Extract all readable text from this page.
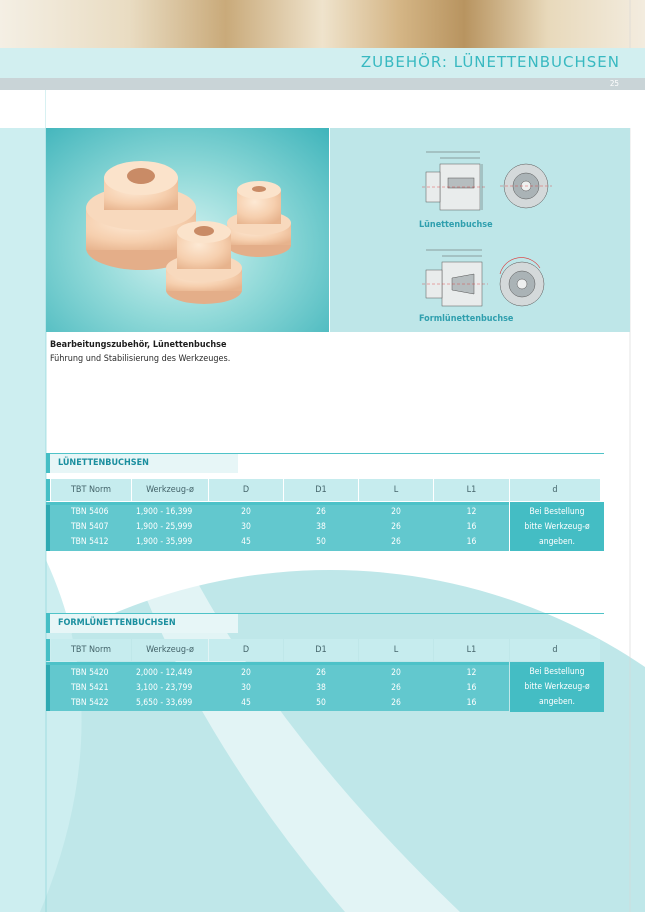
ZUBEHÖR: LÜNETTENBUCHSEN
25
Lünettenbuchse
Formlünettenbuchse
Bearbeitungszubehör, Lünettenbuchse
Führung und Stabilisierung des Werkzeuges.
LÜNETTENBUCHSEN
TBT Norm	Werkzeug-ø	D	D1	L	L1	d
TBN 5406	1,900 - 16,399	20	26	20	12
TBN 5407	1,900 - 25,999	30	38	26	16
TBN 5412	1,900 - 35,999	45	50	26	16
Bei Bestellung
bitte Werkzeug-ø
angeben.
FORMLÜNETTENBUCHSEN
TBT Norm	Werkzeug-ø	D	D1	L	L1	d
TBN 5420	2,000 - 12,449	20	26	20	12
TBN 5421	3,100 - 23,799	30	38	26	16
TBN 5422	5,650 - 33,699	45	50	26	16
Bei Bestellung
bitte Werkzeug-ø
angeben.
